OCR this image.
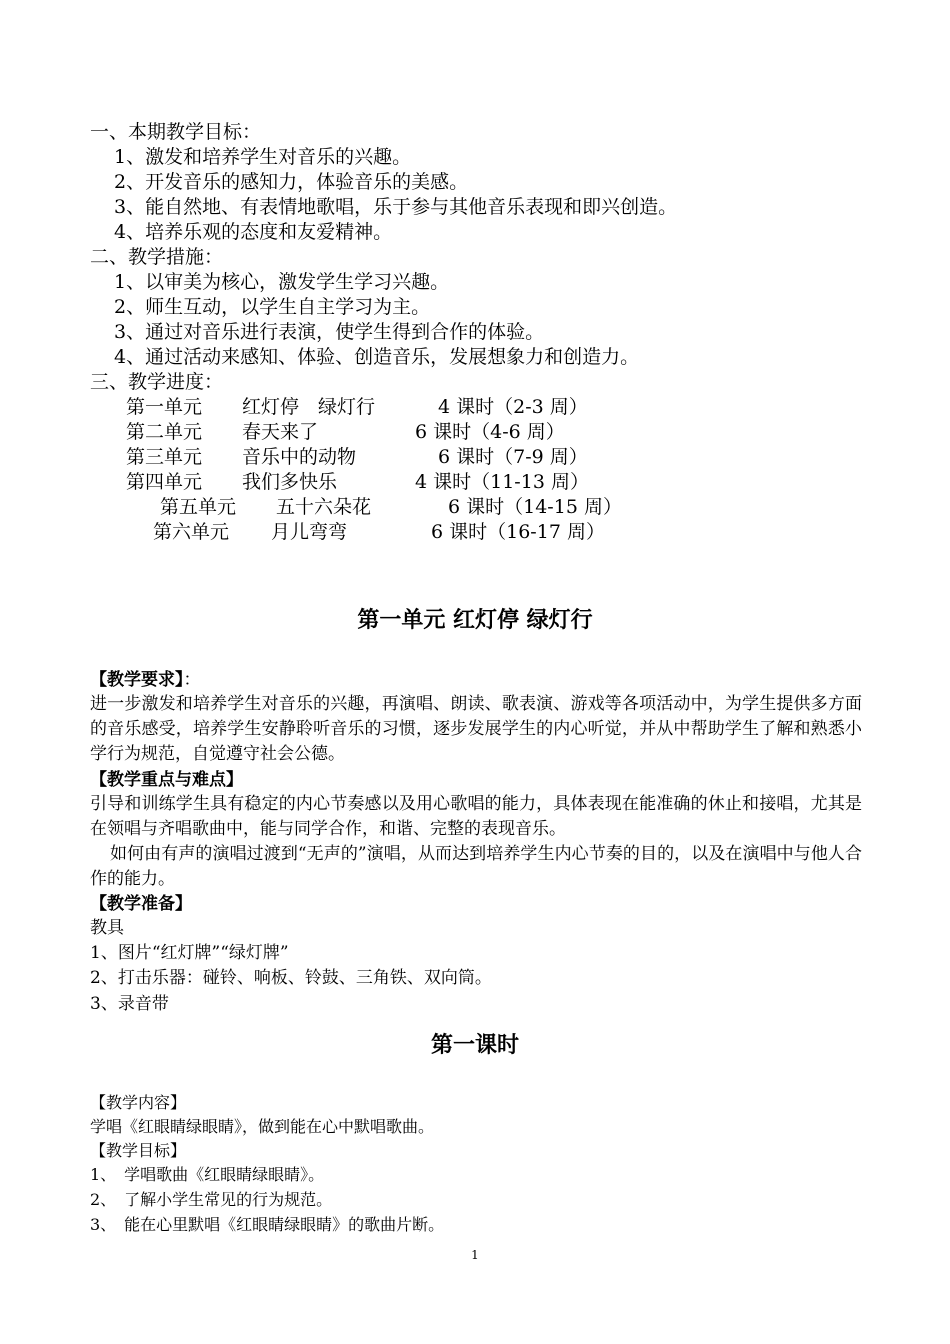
一、本期教学目标：
1、激发和培养学生对音乐的兴趣。
2、开发音乐的感知力，体验音乐的美感。
3、能自然地、有表情地歌唱，乐于参与其他音乐表现和即兴创造。
4、培养乐观的态度和友爱精神。
二、教学措施：
1、以审美为核心，激发学生学习兴趣。
2、师生互动，以学生自主学习为主。
3、通过对音乐进行表演，使学生得到合作的体验。
4、通过活动来感知、体验、创造音乐，发展想象力和创造力。
三、教学进度：
第一单元 红灯停　绿灯行	4 课时（2-3 周）
第二单元 春天来了	6 课时（4-6 周）
第三单元 音乐中的动物	6 课时（7-9 周）
第四单元 我们多快乐	4 课时（11-13 周）
第五单元 五十六朵花	6 课时（14-15 周）
第六单元 月儿弯弯	6 课时（16-17 周）
第一单元 红灯停 绿灯行
【教学要求】：
进一步激发和培养学生对音乐的兴趣，再演唱、朗读、歌表演、游戏等各项活动中，为学生提供多方面的音乐感受，培养学生安静聆听音乐的习惯，逐步发展学生的内心听觉，并从中帮助学生了解和熟悉小学行为规范，自觉遵守社会公德。
【教学重点与难点】
引导和训练学生具有稳定的内心节奏感以及用心歌唱的能力，具体表现在能准确的休止和接唱，尤其是在领唱与齐唱歌曲中，能与同学合作，和谐、完整的表现音乐。
如何由有声的演唱过渡到“无声的”演唱，从而达到培养学生内心节奏的目的，以及在演唱中与他人合作的能力。
【教学准备】
教具
1、图片“红灯牌”“绿灯牌”
2、打击乐器：碰铃、响板、铃鼓、三角铁、双向筒。
3、录音带
第一课时
【教学内容】
学唱《红眼睛绿眼睛》，做到能在心中默唱歌曲。
【教学目标】
1、　学唱歌曲《红眼睛绿眼睛》。
2、　了解小学生常见的行为规范。
3、　能在心里默唱《红眼睛绿眼睛》的歌曲片断。
1
